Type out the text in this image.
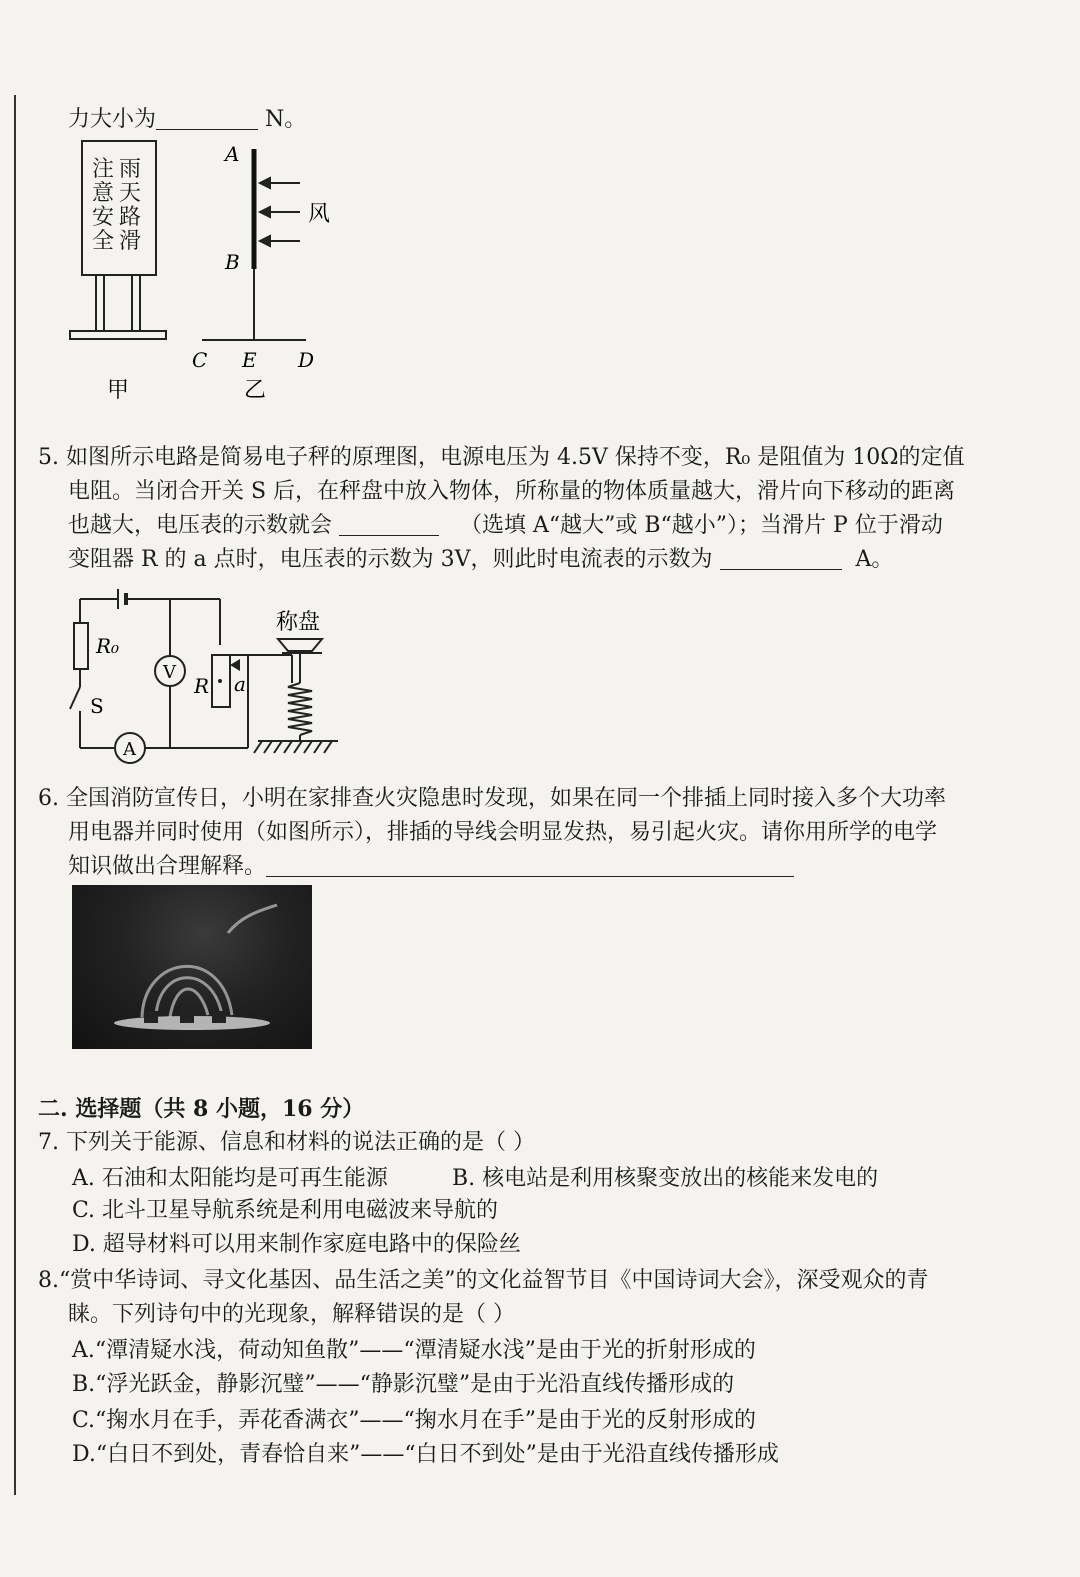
力大小为	N。
甲
A
B
C E D
风
乙
雨天路滑
注意安全
5. 如图所示电路是简易电子秤的原理图，电源电压为 4.5V 保持不变，R₀ 是阻值为 10Ω的定值
电阻。当闭合开关 S 后，在秤盘中放入物体，所称量的物体质量越大，滑片向下移动的距离
也越大，电压表的示数就会	（选填 A“越大”或 B“越小”）；当滑片 P 位于滑动
变阻器 R 的 a 点时，电压表的示数为 3V，则此时电流表的示数为	A。
R₀
S
V
A
R a
称盘
6. 全国消防宣传日，小明在家排查火灾隐患时发现，如果在同一个排插上同时接入多个大功率
用电器并同时使用（如图所示），排插的导线会明显发热，易引起火灾。请你用所学的电学
知识做出合理解释。
二. 选择题（共 8 小题，16 分）
7. 下列关于能源、信息和材料的说法正确的是（ ）
A. 石油和太阳能均是可再生能源	B. 核电站是利用核聚变放出的核能来发电的
C. 北斗卫星导航系统是利用电磁波来导航的
D. 超导材料可以用来制作家庭电路中的保险丝
8.“赏中华诗词、寻文化基因、品生活之美”的文化益智节目《中国诗词大会》，深受观众的青
睐。下列诗句中的光现象，解释错误的是（ ）
A.“潭清疑水浅，荷动知鱼散”——“潭清疑水浅”是由于光的折射形成的
B.“浮光跃金，静影沉璧”——“静影沉璧”是由于光沿直线传播形成的
C.“掬水月在手，弄花香满衣”——“掬水月在手”是由于光的反射形成的
D.“白日不到处，青春恰自来”——“白日不到处”是由于光沿直线传播形成
